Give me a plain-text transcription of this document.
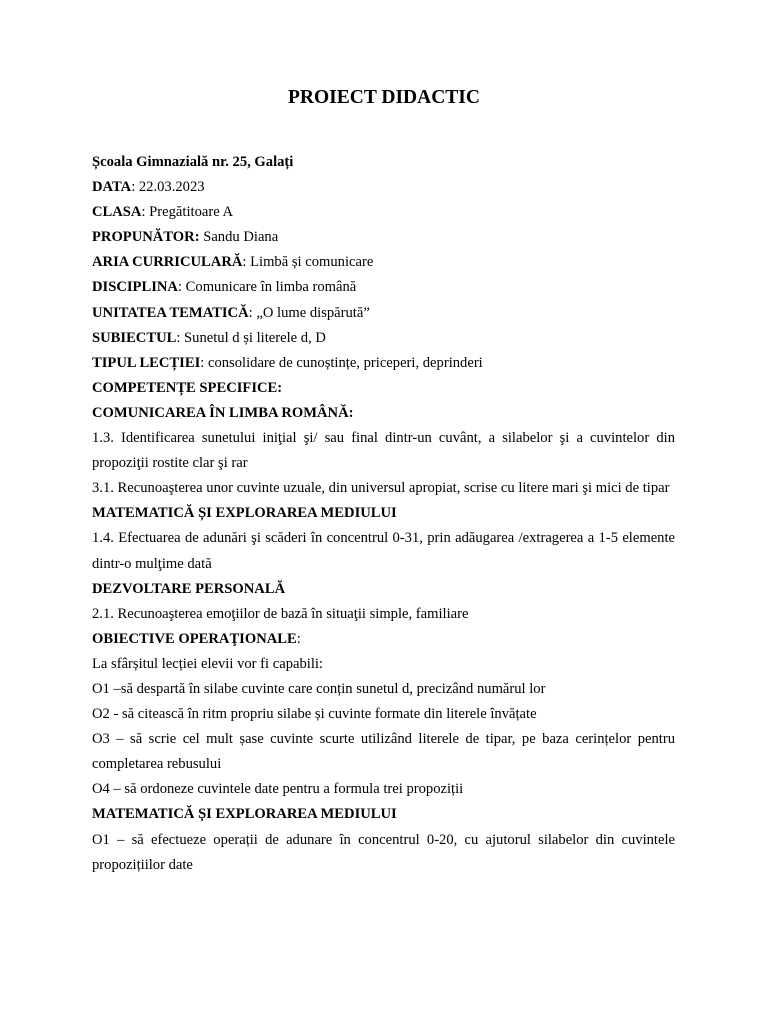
PROIECT DIDACTIC
Școala Gimnazială nr. 25, Galați
DATA: 22.03.2023
CLASA: Pregătitoare A
PROPUNĂTOR: Sandu Diana
ARIA CURRICULARĂ: Limbă și comunicare
DISCIPLINA: Comunicare în limba română
UNITATEA TEMATICĂ: „O lume dispărută”
SUBIECTUL: Sunetul d și literele d, D
TIPUL LECȚIEI: consolidare de cunoștințe, priceperi, deprinderi
COMPETENȚE SPECIFICE:
COMUNICAREA ÎN LIMBA ROMÂNĂ:
1.3. Identificarea sunetului iniţial şi/ sau final dintr-un cuvânt, a silabelor şi a cuvintelor din propoziţii rostite clar şi rar
3.1. Recunoaşterea unor cuvinte uzuale, din universul apropiat, scrise cu litere mari şi mici de tipar
MATEMATICĂ ȘI EXPLORAREA MEDIULUI
1.4. Efectuarea de adunări şi scăderi în concentrul 0-31, prin adăugarea /extragerea a 1-5 elemente dintr-o mulţime dată
DEZVOLTARE PERSONALĂ
2.1. Recunoaşterea emoţiilor de bază în situaţii simple, familiare
OBIECTIVE OPERAŢIONALE:
La sfârșitul lecției elevii vor fi capabili:
O1 –să despartă în silabe cuvinte care conțin sunetul d, precizând numărul lor
O2 - să citească în ritm propriu silabe și cuvinte formate din literele învățate
O3 – să scrie cel mult șase cuvinte scurte utilizând literele de tipar, pe baza cerințelor pentru completarea rebusului
O4 – să ordoneze cuvintele date pentru a formula trei propoziții
MATEMATICĂ ȘI EXPLORAREA MEDIULUI
O1 – să efectueze operații de adunare în concentrul 0-20, cu ajutorul silabelor din cuvintele propozițiilor date
